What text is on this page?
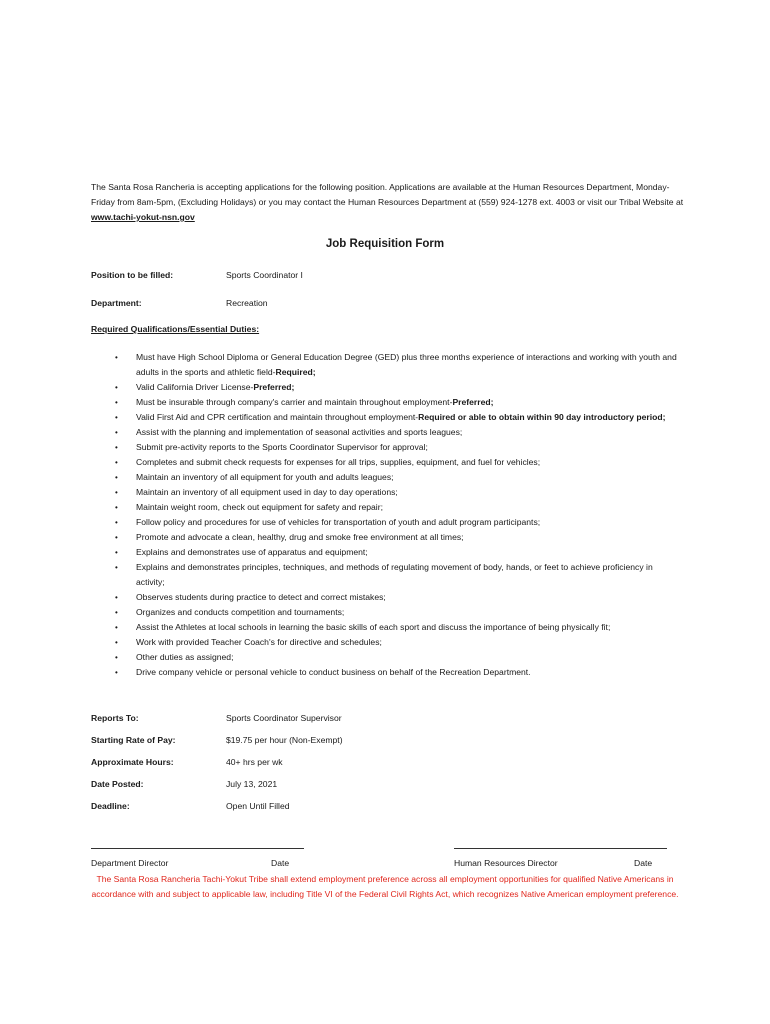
The Santa Rosa Rancheria is accepting applications for the following position. Applications are available at the Human Resources Department, Monday-Friday from 8am-5pm, (Excluding Holidays) or you may contact the Human Resources Department at (559) 924-1278 ext. 4003 or visit our Tribal Website at www.tachi-yokut-nsn.gov
Job Requisition Form
Position to be filled:	Sports Coordinator I
Department:	Recreation
Required Qualifications/Essential Duties:
• Must have High School Diploma or General Education Degree (GED) plus three months experience of interactions and working with youth and adults in the sports and athletic field-Required;
• Valid California Driver License-Preferred;
• Must be insurable through company's carrier and maintain throughout employment-Preferred;
• Valid First Aid and CPR certification and maintain throughout employment-Required or able to obtain within 90 day introductory period;
• Assist with the planning and implementation of seasonal activities and sports leagues;
• Submit pre-activity reports to the Sports Coordinator Supervisor for approval;
• Completes and submit check requests for expenses for all trips, supplies, equipment, and fuel for vehicles;
• Maintain an inventory of all equipment for youth and adults leagues;
• Maintain an inventory of all equipment used in day to day operations;
• Maintain weight room, check out equipment for safety and repair;
• Follow policy and procedures for use of vehicles for transportation of youth and adult program participants;
• Promote and advocate a clean, healthy, drug and smoke free environment at all times;
• Explains and demonstrates use of apparatus and equipment;
• Explains and demonstrates principles, techniques, and methods of regulating movement of body, hands, or feet to achieve proficiency in activity;
• Observes students during practice to detect and correct mistakes;
• Organizes and conducts competition and tournaments;
• Assist the Athletes at local schools in learning the basic skills of each sport and discuss the importance of being physically fit;
• Work with provided Teacher Coach's for directive and schedules;
• Other duties as assigned;
• Drive company vehicle or personal vehicle to conduct business on behalf of the Recreation Department.
Reports To:	Sports Coordinator Supervisor
Starting Rate of Pay:	$19.75 per hour (Non-Exempt)
Approximate Hours:	40+ hrs per wk
Date Posted:	July 13, 2021
Deadline:	Open Until Filled
Department Director	Date	Human Resources Director	Date
The Santa Rosa Rancheria Tachi-Yokut Tribe shall extend employment preference across all employment opportunities for qualified Native Americans in accordance with and subject to applicable law, including Title VI of the Federal Civil Rights Act, which recognizes Native American employment preference.
